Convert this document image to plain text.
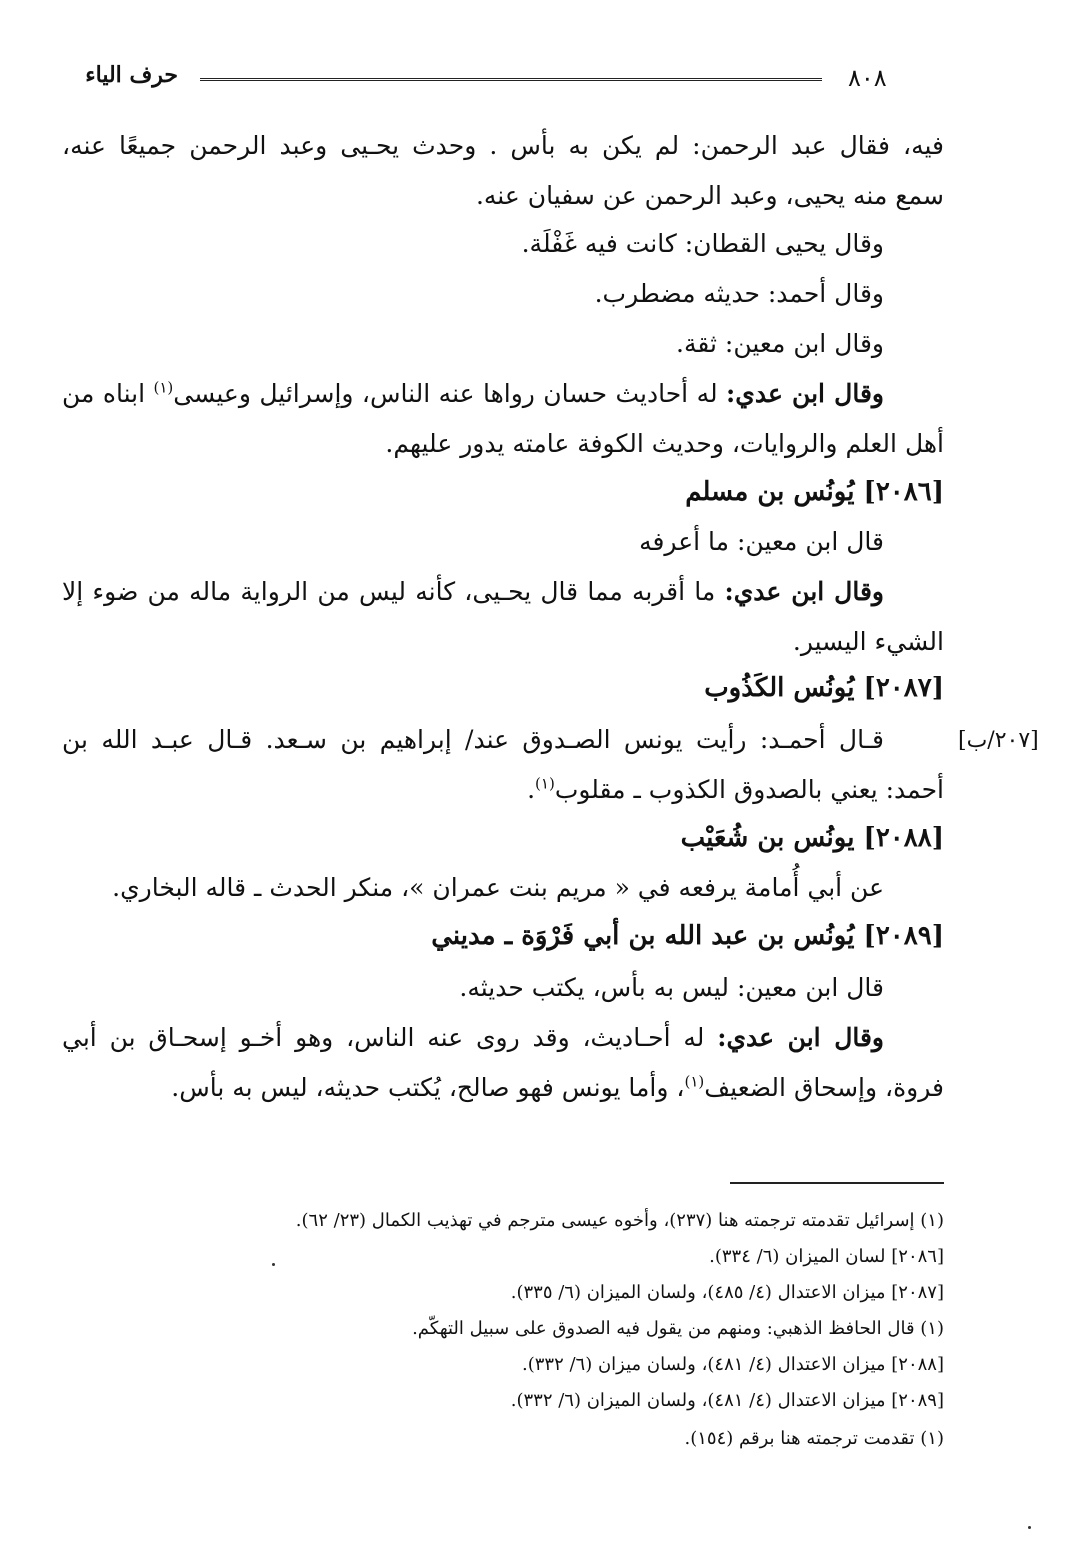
حرف الياء	٨٠٨
فيه، فقال عبد الرحمن: لم يكن به بأس . وحدث يحـيى وعبد الرحمن جميعًا عنه،
سمع منه يحيى، وعبد الرحمن عن سفيان عنه.
وقال يحيى القطان: كانت فيه غَفْلَة.
وقال أحمد: حديثه مضطرب.
وقال ابن معين: ثقة.
وقال ابن عدي: له أحاديث حسان رواها عنه الناس، وإسرائيل وعيسى$^{(١)}$ ابناه من
أهل العلم والروايات، وحديث الكوفة عامته يدور عليهم.
[٢٠٨٦] يُونُس بن مسلم
قال ابن معين: ما أعرفه
وقال ابن عدي: ما أقربه مما قال يحـيى، كأنه ليس من الرواية ماله من ضوء إلا
الشيء اليسير.
[٢٠٨٧] يُونُس الكَذُوب
قـال أحمـد: رأيت يونس الصـدوق عند/ إبراهيم بن سـعد. قـال عبـد الله بن	[٢٠٧/ب]
أحمد: يعني بالصدوق الكذوب ـ مقلوب$^{(١)}$.
[٢٠٨٨] يونُس بن شُعَيْب
عن أبي أُمامة يرفعه في « مريم بنت عمران »، منكر الحدث ـ قاله البخاري.
[٢٠٨٩] يُونُس بن عبد الله بن أبي فَرْوَة ـ مديني
قال ابن معين: ليس به بأس، يكتب حديثه.
وقال ابن عدي: له أحـاديث، وقد روى عنه الناس، وهو أخـو إسحـاق بن أبي
فروة، وإسحاق الضعيف$^{(١)}$، وأما يونس فهو صالح، يُكتب حديثه، ليس به بأس.
(١) إسرائيل تقدمته ترجمته هنا (٢٣٧)، وأخوه عيسى مترجم في تهذيب الكمال (٢٣/ ٦٢).
[٢٠٨٦] لسان الميزان (٦/ ٣٣٤).
[٢٠٨٧] ميزان الاعتدال (٤/ ٤٨٥)، ولسان الميزان (٦/ ٣٣٥).
(١) قال الحافظ الذهبي: ومنهم من يقول فيه الصدوق على سبيل التهكّم.
[٢٠٨٨] ميزان الاعتدال (٤/ ٤٨١)، ولسان ميزان (٦/ ٣٣٢).
[٢٠٨٩] ميزان الاعتدال (٤/ ٤٨١)، ولسان الميزان (٦/ ٣٣٢).
(١) تقدمت ترجمته هنا برقم (١٥٤).
